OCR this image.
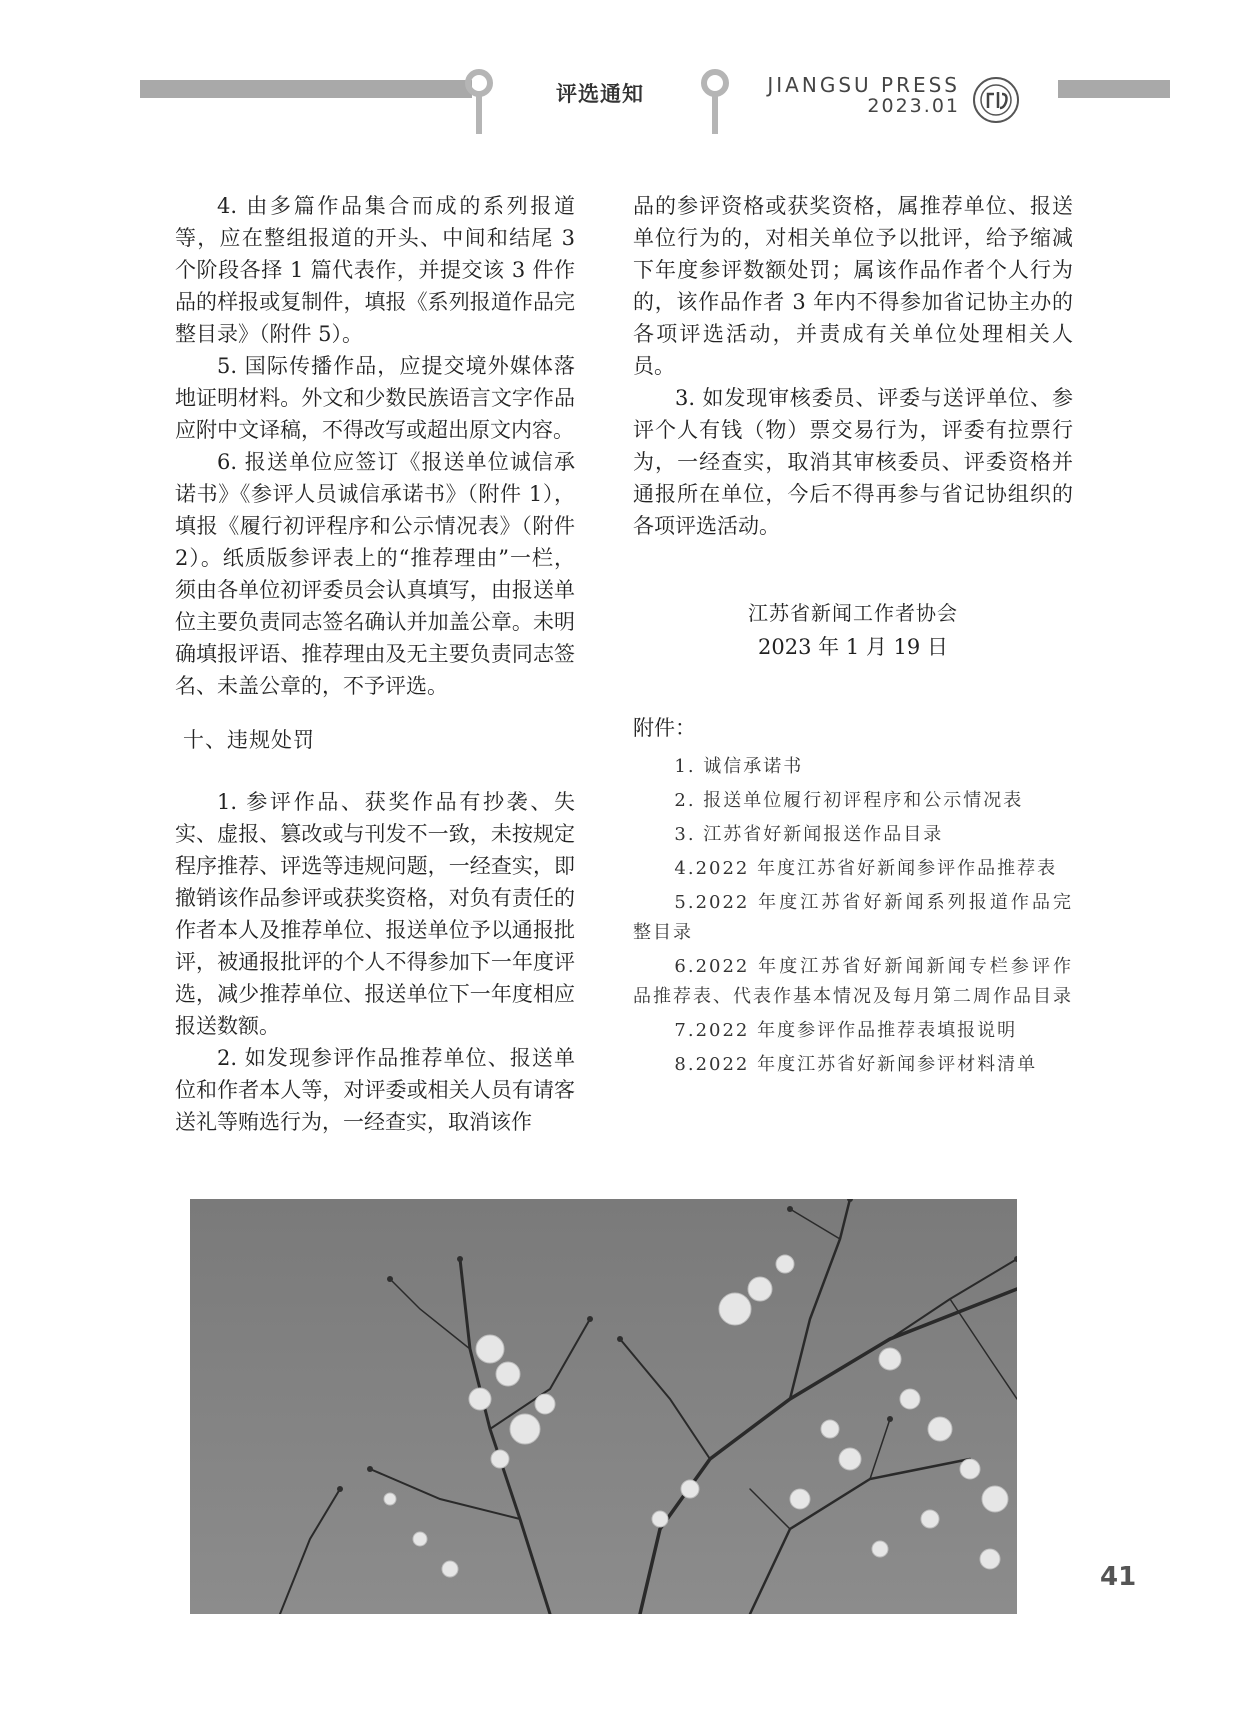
评选通知	JIANGSU PRESS
2023.01

4. 由多篇作品集合而成的系列报道等，应在整组报道的开头、中间和结尾 3 个阶段各择 1 篇代表作，并提交该 3 件作品的样报或复制件，填报《系列报道作品完整目录》（附件 5）。

5. 国际传播作品，应提交境外媒体落地证明材料。外文和少数民族语言文字作品应附中文译稿，不得改写或超出原文内容。

6. 报送单位应签订《报送单位诚信承诺书》《参评人员诚信承诺书》（附件 1），填报《履行初评程序和公示情况表》（附件 2）。纸质版参评表上的“推荐理由”一栏，须由各单位初评委员会认真填写，由报送单位主要负责同志签名确认并加盖公章。未明确填报评语、推荐理由及无主要负责同志签名、未盖公章的，不予评选。

十、违规处罚

1. 参评作品、获奖作品有抄袭、失实、虚报、篡改或与刊发不一致，未按规定程序推荐、评选等违规问题，一经查实，即撤销该作品参评或获奖资格，对负有责任的作者本人及推荐单位、报送单位予以通报批评，被通报批评的个人不得参加下一年度评选，减少推荐单位、报送单位下一年度相应报送数额。

2. 如发现参评作品推荐单位、报送单位和作者本人等，对评委或相关人员有请客送礼等贿选行为，一经查实，取消该作

品的参评资格或获奖资格，属推荐单位、报送单位行为的，对相关单位予以批评，给予缩减下年度参评数额处罚；属该作品作者个人行为的，该作品作者 3 年内不得参加省记协主办的各项评选活动，并责成有关单位处理相关人员。

3. 如发现审核委员、评委与送评单位、参评个人有钱（物）票交易行为，评委有拉票行为，一经查实，取消其审核委员、评委资格并通报所在单位，今后不得再参与省记协组织的各项评选活动。

江苏省新闻工作者协会
2023 年 1 月 19 日
附件：

1. 诚信承诺书

2. 报送单位履行初评程序和公示情况表

3. 江苏省好新闻报送作品目录

4.2022 年度江苏省好新闻参评作品推荐表

5.2022 年度江苏省好新闻系列报道作品完整目录

6.2022 年度江苏省好新闻新闻专栏参评作品推荐表、代表作基本情况及每月第二周作品目录

7.2022 年度参评作品推荐表填报说明

8.2022 年度江苏省好新闻参评材料清单

41
